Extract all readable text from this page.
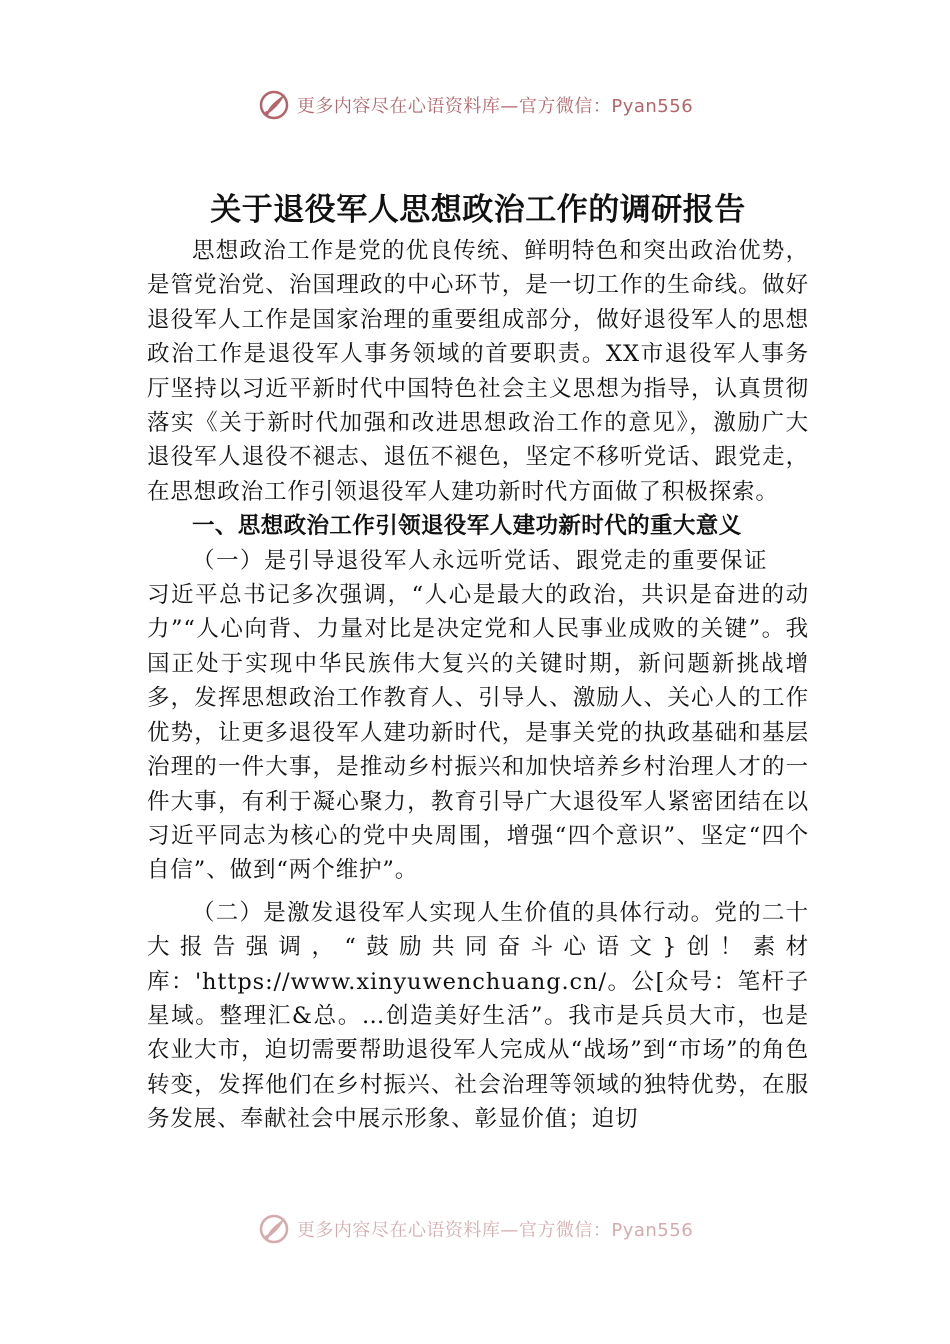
更多内容尽在心语资料库—官方微信：Pyan556
关于退役军人思想政治工作的调研报告

思想政治工作是党的优良传统、鲜明特色和突出政治优势，是管党治党、治国理政的中心环节，是一切工作的生命线。做好退役军人工作是国家治理的重要组成部分，做好退役军人的思想政治工作是退役军人事务领域的首要职责。XX市退役军人事务厅坚持以习近平新时代中国特色社会主义思想为指导，认真贯彻落实《关于新时代加强和改进思想政治工作的意见》，激励广大退役军人退役不褪志、退伍不褪色，坚定不移听党话、跟党走，在思想政治工作引领退役军人建功新时代方面做了积极探索。

一、思想政治工作引领退役军人建功新时代的重大意义

（一）是引导退役军人永远听党话、跟党走的重要保证

习近平总书记多次强调，“人心是最大的政治，共识是奋进的动力”“人心向背、力量对比是决定党和人民事业成败的关键”。我国正处于实现中华民族伟大复兴的关键时期，新问题新挑战增多，发挥思想政治工作教育人、引导人、激励人、关心人的工作优势，让更多退役军人建功新时代，是事关党的执政基础和基层治理的一件大事，是推动乡村振兴和加快培养乡村治理人才的一件大事，有利于凝心聚力，教育引导广大退役军人紧密团结在以习近平同志为核心的党中央周围，增强“四个意识”、坚定“四个自信”、做到“两个维护”。

（二）是激发退役军人实现人生价值的具体行动。党的二十大报告强调，“鼓励共同奋斗心语文}创！素材库：'https://www.xinyuwenchuang.cn/。公[众号：笔杆子星域。整理汇&总。…创造美好生活”。我市是兵员大市，也是农业大市，迫切需要帮助退役军人完成从“战场”到“市场”的角色转变，发挥他们在乡村振兴、社会治理等领域的独特优势，在服务发展、奉献社会中展示形象、彰显价值；迫切

更多内容尽在心语资料库—官方微信：Pyan556
